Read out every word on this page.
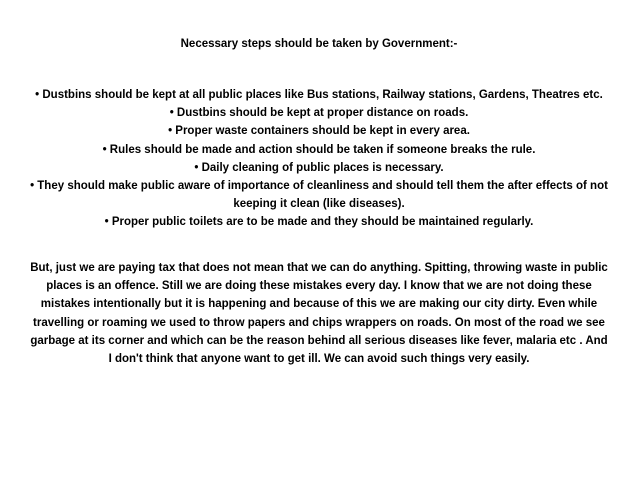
Necessary steps should be taken by Government:-
• Dustbins should be kept at all public places like Bus stations, Railway stations, Gardens, Theatres etc.
• Dustbins should be kept at proper distance on roads.
• Proper waste containers should be kept in every area.
• Rules should be made and action should be taken if someone breaks the rule.
• Daily cleaning of public places is necessary.
• They should make public aware of importance of cleanliness and should tell them the after effects of not keeping it clean (like diseases).
• Proper public toilets are to be made and they should be maintained regularly.

But, just we are paying tax that does not mean that we can do anything. Spitting, throwing waste in public places is an offence. Still we are doing these mistakes every day. I know that we are not doing these mistakes intentionally but it is happening and because of this we are making our city dirty. Even while travelling or roaming we used to throw papers and chips wrappers on roads. On most of the road we see garbage at its corner and which can be the reason behind all serious diseases like fever, malaria etc . And I don't think that anyone want to get ill. We can avoid such things very easily.
